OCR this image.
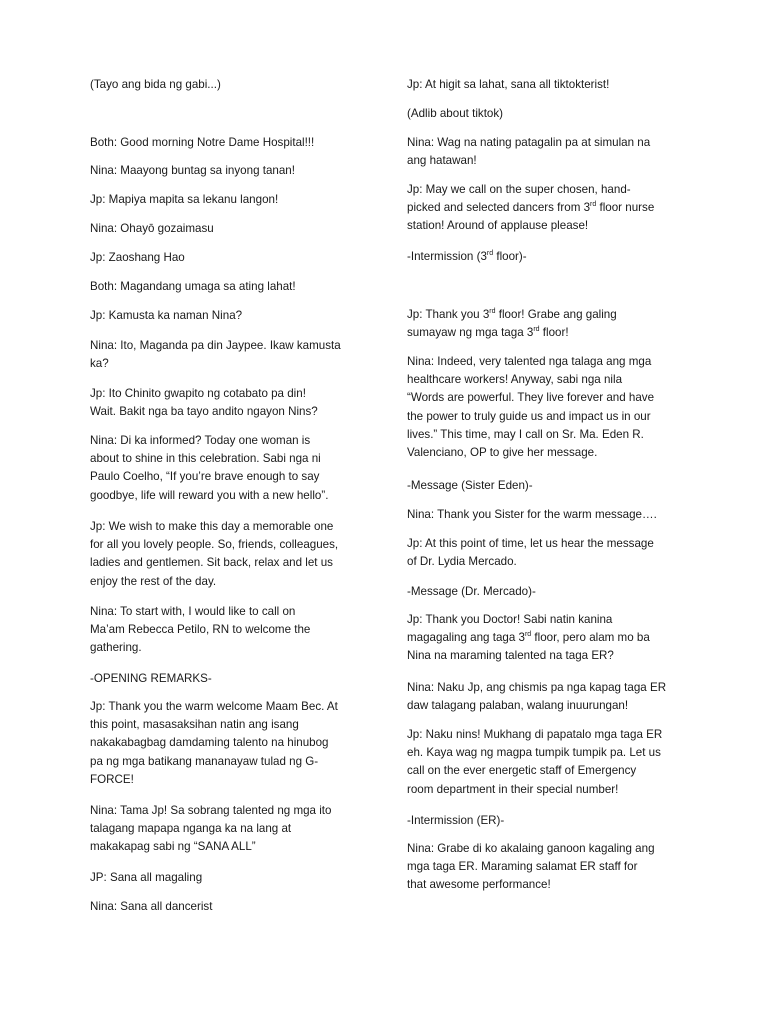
(Tayo ang bida ng gabi...)

Both: Good morning Notre Dame Hospital!!!

Nina: Maayong buntag sa inyong tanan!

Jp: Mapiya mapita sa lekanu langon!

Nina: Ohayō gozaimasu

Jp: Zaoshang Hao

Both: Magandang umaga sa ating lahat!

Jp: Kamusta ka naman Nina?

Nina: Ito, Maganda pa din Jaypee. Ikaw kamusta
ka?

Jp: Ito Chinito gwapito ng cotabato pa din!
Wait. Bakit nga ba tayo andito ngayon Nins?

Nina: Di ka informed? Today one woman is
about to shine in this celebration. Sabi nga ni
Paulo Coelho, “If you’re brave enough to say
goodbye, life will reward you with a new hello”.

Jp: We wish to make this day a memorable one
for all you lovely people. So, friends, colleagues,
ladies and gentlemen. Sit back, relax and let us
enjoy the rest of the day.

Nina: To start with, I would like to call on
Ma’am Rebecca Petilo, RN to welcome the
gathering.

-OPENING REMARKS-

Jp: Thank you the warm welcome Maam Bec. At
this point, masasaksihan natin ang isang
nakakabagbag damdaming talento na hinubog
pa ng mga batikang mananayaw tulad ng G-
FORCE!

Nina: Tama Jp! Sa sobrang talented ng mga ito
talagang mapapa nganga ka na lang at
makakapag sabi ng “SANA ALL”

JP: Sana all magaling

Nina: Sana all dancerist

Jp: At higit sa lahat, sana all tiktokterist!

(Adlib about tiktok)

Nina: Wag na nating patagalin pa at simulan na
ang hatawan!

Jp: May we call on the super chosen, hand-
picked and selected dancers from 3rd floor nurse
station! Around of applause please!

-Intermission (3rd floor)-

Jp: Thank you 3rd floor! Grabe ang galing
sumayaw ng mga taga 3rd floor!

Nina: Indeed, very talented nga talaga ang mga
healthcare workers! Anyway, sabi nga nila
“Words are powerful. They live forever and have
the power to truly guide us and impact us in our
lives.” This time, may I call on Sr. Ma. Eden R.
Valenciano, OP to give her message.

-Message (Sister Eden)-

Nina: Thank you Sister for the warm message….

Jp: At this point of time, let us hear the message
of Dr. Lydia Mercado.

-Message (Dr. Mercado)-

Jp: Thank you Doctor! Sabi natin kanina
magagaling ang taga 3rd floor, pero alam mo ba
Nina na maraming talented na taga ER?

Nina: Naku Jp, ang chismis pa nga kapag taga ER
daw talagang palaban, walang inuurungan!

Jp: Naku nins! Mukhang di papatalo mga taga ER
eh. Kaya wag ng magpa tumpik tumpik pa. Let us
call on the ever energetic staff of Emergency
room department in their special number!

-Intermission (ER)-

Nina: Grabe di ko akalaing ganoon kagaling ang
mga taga ER. Maraming salamat ER staff for
that awesome performance!
